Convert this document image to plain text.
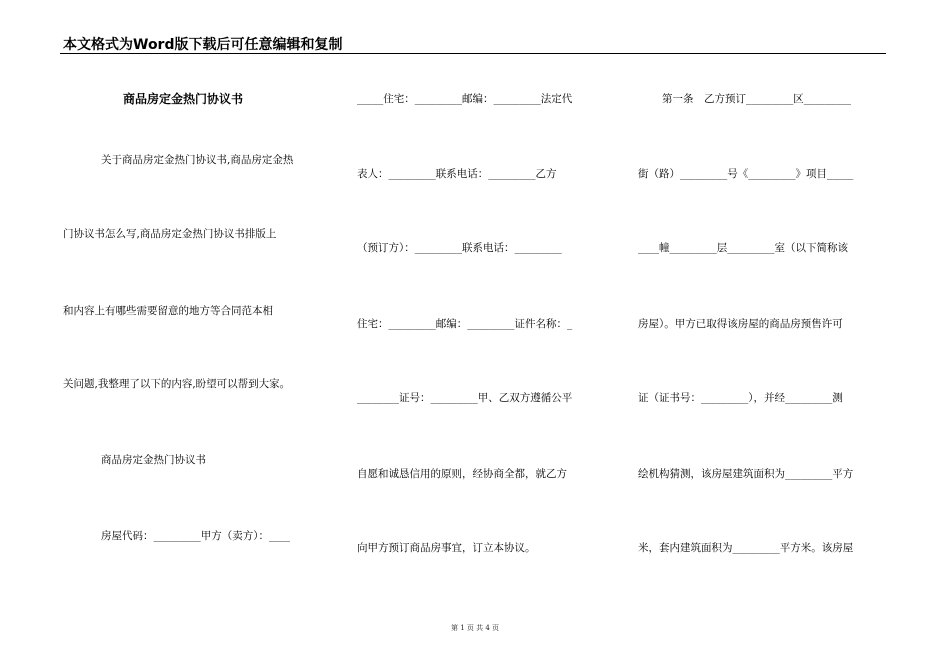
本文格式为Word版下载后可任意编辑和复制
商品房定金热门协议书
关于商品房定金热门协议书,商品房定金热
门协议书怎么写,商品房定金热门协议书排版上
和内容上有哪些需要留意的地方等合同范本相
关问题,我整理了以下的内容,盼望可以帮到大家。
商品房定金热门协议书
房屋代码：_________甲方（卖方）：____
_____住宅：_________邮编：_________法定代
表人：_________联系电话：_________乙方
（预订方）：_________联系电话：_________
住宅：_________邮编：_________证件名称：_
________证号：_________甲、乙双方遵循公平
自愿和诚恳信用的原则，经协商全都，就乙方
向甲方预订商品房事宜，订立本协议。
第一条　乙方预订_________区_________
街（路）_________号《_________》项目_____
____幢_________层_________室（以下简称该
房屋）。甲方已取得该房屋的商品房预售许可
证（证书号：_________），并经_________测
绘机构猜测，该房屋建筑面积为_________平方
米，套内建筑面积为_________平方米。该房屋
第 1 页 共 4 页
